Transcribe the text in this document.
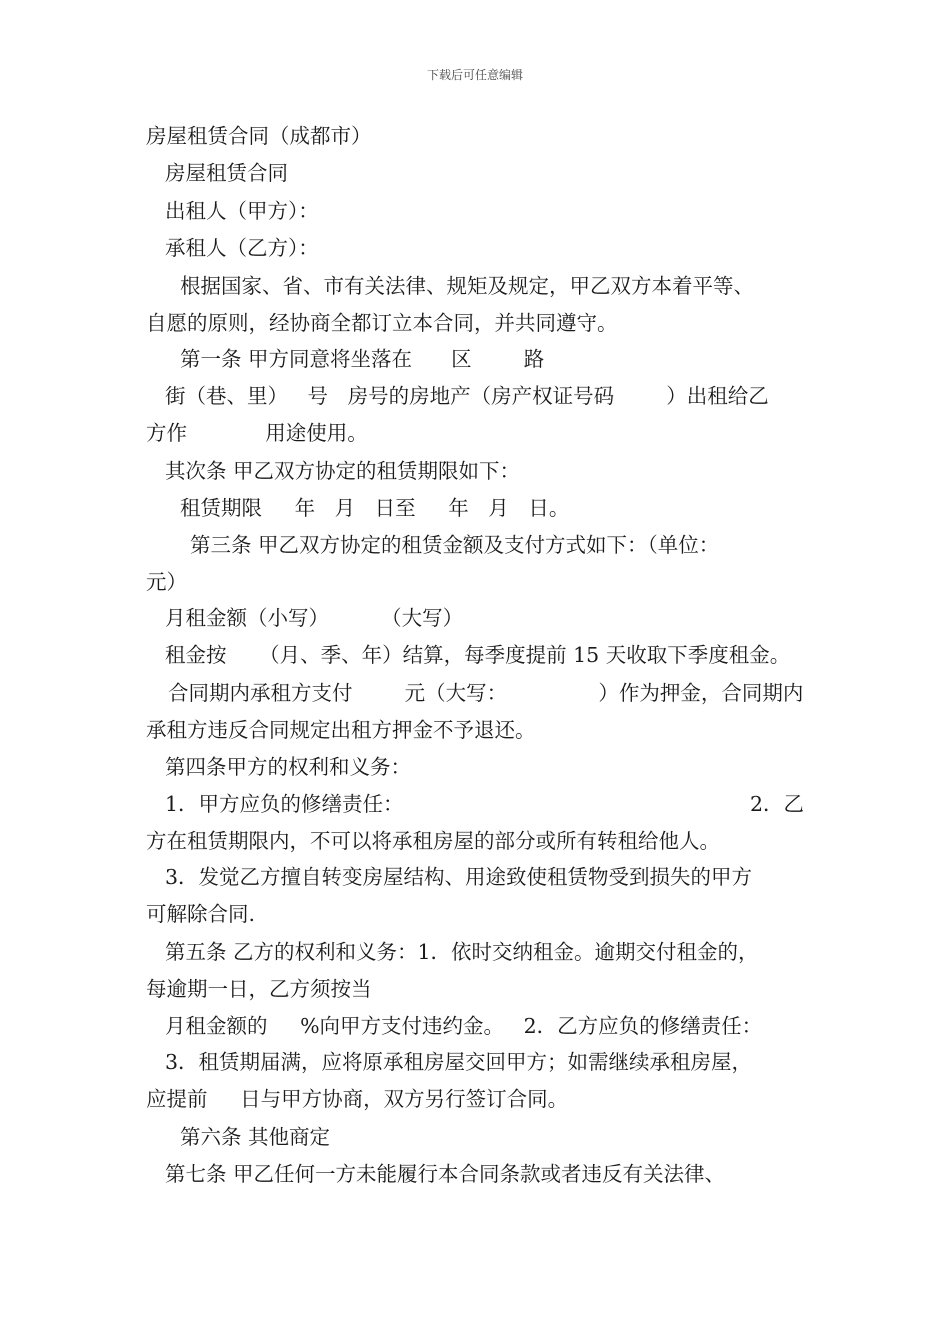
下载后可任意编辑
房屋租赁合同（成都市）
房屋租赁合同
出租人（甲方）：
承租人（乙方）：
根据国家、省、市有关法律、规矩及规定，甲乙双方本着平等、
自愿的原则，经协商全都订立本合同，并共同遵守。
第一条 甲方同意将坐落在      区        路
街（巷、里）   号   房号的房地产（房产权证号码        ）出租给乙
方作            用途使用。
其次条 甲乙双方协定的租赁期限如下：
租赁期限     年   月   日至     年   月   日。
第三条 甲乙双方协定的租赁金额及支付方式如下：（单位：
元）
月租金额（小写）        （大写）
租金按     （月、季、年）结算，每季度提前 15 天收取下季度租金。
合同期内承租方支付        元（大写：              ）作为押金，合同期内
承租方违反合同规定出租方押金不予退还。
第四条甲方的权利和义务：
1．甲方应负的修缮责任：	2．乙
方在租赁期限内，不可以将承租房屋的部分或所有转租给他人。
3．发觉乙方擅自转变房屋结构、用途致使租赁物受到损失的甲方
可解除合同.
第五条 乙方的权利和义务：1．依时交纳租金。逾期交付租金的，
每逾期一日，乙方须按当
月租金额的     %向甲方支付违约金。   2．乙方应负的修缮责任：
3．租赁期届满，应将原承租房屋交回甲方；如需继续承租房屋，
应提前     日与甲方协商，双方另行签订合同。
第六条 其他商定
第七条 甲乙任何一方未能履行本合同条款或者违反有关法律、
